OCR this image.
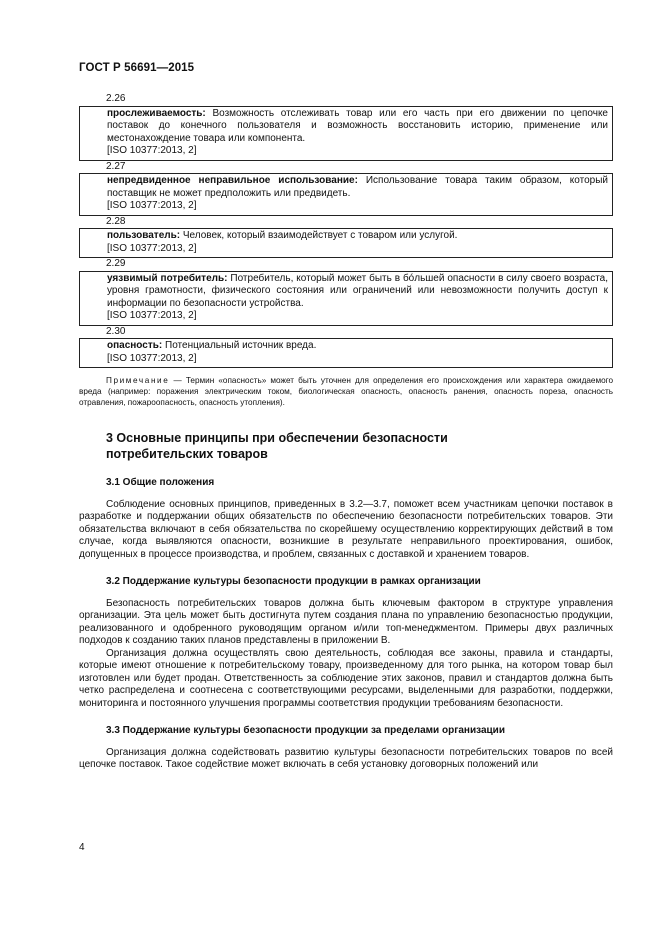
ГОСТ Р 56691—2015

2.26

прослеживаемость: Возможность отслеживать товар или его часть при его движении по цепочке поставок до конечного пользователя и возможность восстановить историю, применение или местонахождение товара или компонента.
[ISO 10377:2013, 2]

2.27

непредвиденное неправильное использование: Использование товара таким образом, который поставщик не может предположить или предвидеть.
[ISO 10377:2013, 2]

2.28

пользователь: Человек, который взаимодействует с товаром или услугой.
[ISO 10377:2013, 2]

2.29

уязвимый потребитель: Потребитель, который может быть в бóльшей опасности в силу своего возраста, уровня грамотности, физического состояния или ограничений или невозможности получить доступ к информации по безопасности устройства.
[ISO 10377:2013, 2]

2.30

опасность: Потенциальный источник вреда.
[ISO 10377:2013, 2]

Примечание — Термин «опасность» может быть уточнен для определения его происхождения или характера ожидаемого вреда (например: поражения электрическим током, биологическая опасность, опасность ранения, опасность пореза, опасность отравления, пожароопасность, опасность утопления).

3 Основные принципы при обеспечении безопасности
потребительских товаров

3.1 Общие положения

Соблюдение основных принципов, приведенных в 3.2—3.7, поможет всем участникам цепочки поставок в разработке и поддержании общих обязательств по обеспечению безопасности потребительских товаров. Эти обязательства включают в себя обязательства по скорейшему осуществлению корректирующих действий в том случае, когда выявляются опасности, возникшие в результате неправильного проектирования, ошибок, допущенных в процессе производства, и проблем, связанных с доставкой и хранением товаров.

3.2 Поддержание культуры безопасности продукции в рамках организации

Безопасность потребительских товаров должна быть ключевым фактором в структуре управления организации. Эта цель может быть достигнута путем создания плана по управлению безопасностью продукции, реализованного и одобренного руководящим органом и/или топ-менеджментом. Примеры двух различных подходов к созданию таких планов представлены в приложении В.

Организация должна осуществлять свою деятельность, соблюдая все законы, правила и стандарты, которые имеют отношение к потребительскому товару, произведенному для того рынка, на котором товар был изготовлен или будет продан. Ответственность за соблюдение этих законов, правил и стандартов должна быть четко распределена и соотнесена с соответствующими ресурсами, выделенными для разработки, поддержки, мониторинга и постоянного улучшения программы соответствия продукции требованиям безопасности.

3.3 Поддержание культуры безопасности продукции за пределами организации

Организация должна содействовать развитию культуры безопасности потребительских товаров по всей цепочке поставок. Такое содействие может включать в себя установку договорных положений или

4
